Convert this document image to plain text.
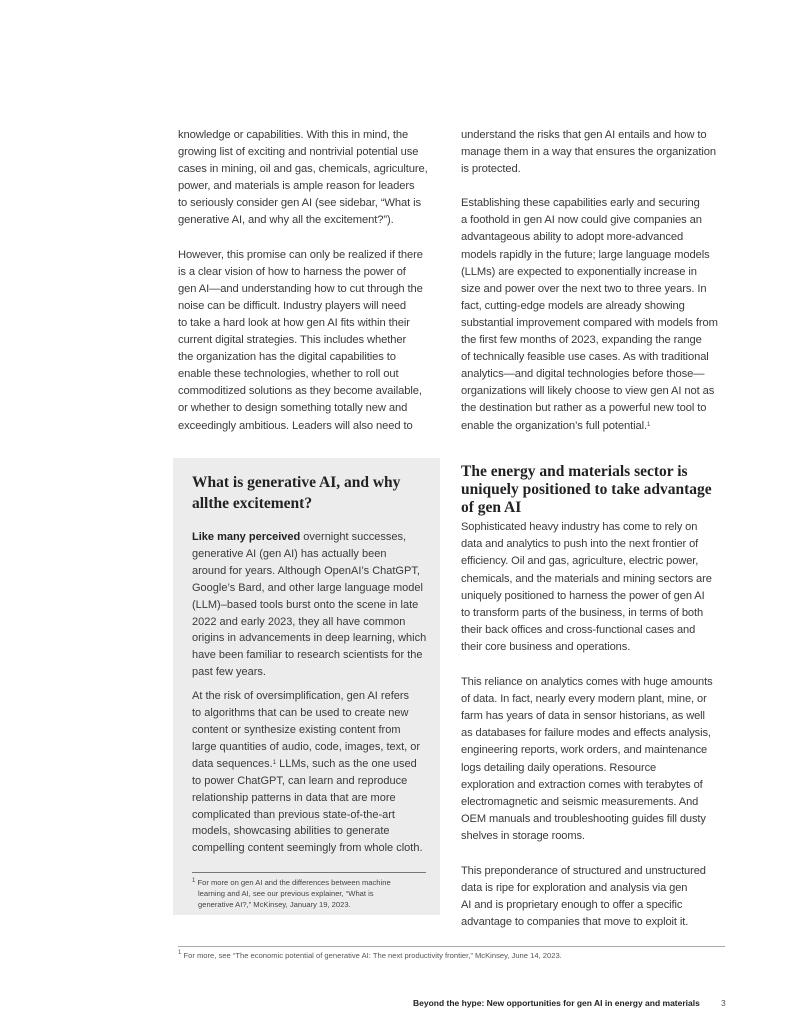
knowledge or capabilities. With this in mind, the
growing list of exciting and nontrivial potential use
cases in mining, oil and gas, chemicals, agriculture,
power, and materials is ample reason for leaders
to seriously consider gen AI (see sidebar, “What is
generative AI, and why all the excitement?”).
However, this promise can only be realized if there
is a clear vision of how to harness the power of
gen AI—and understanding how to cut through the
noise can be difficult. Industry players will need
to take a hard look at how gen AI fits within their
current digital strategies. This includes whether
the organization has the digital capabilities to
enable these technologies, whether to roll out
commoditized solutions as they become available,
or whether to design something totally new and
exceedingly ambitious. Leaders will also need to
understand the risks that gen AI entails and how to
manage them in a way that ensures the organization
is protected.
Establishing these capabilities early and securing
a foothold in gen AI now could give companies an
advantageous ability to adopt more-advanced
models rapidly in the future; large language models
(LLMs) are expected to exponentially increase in
size and power over the next two to three years. In
fact, cutting-edge models are already showing
substantial improvement compared with models from
the first few months of 2023, expanding the range
of technically feasible use cases. As with traditional
analytics—and digital technologies before those—
organizations will likely choose to view gen AI not as
the destination but rather as a powerful new tool to
enable the organization’s full potential.$^1$
What is generative AI, and why allthe excitement?
Like many perceived overnight successes,
generative AI (gen AI) has actually been
around for years. Although OpenAI’s ChatGPT,
Google’s Bard, and other large language model
(LLM)–based tools burst onto the scene in late
2022 and early 2023, they all have common
origins in advancements in deep learning, which
have been familiar to research scientists for the
past few years.
At the risk of oversimplification, gen AI refers
to algorithms that can be used to create new
content or synthesize existing content from
large quantities of audio, code, images, text, or
data sequences.$^1$ LLMs, such as the one used
to power ChatGPT, can learn and reproduce
relationship patterns in data that are more
complicated than previous state-of-the-art
models, showcasing abilities to generate
compelling content seemingly from whole cloth.
$^1$ For more on gen AI and the differences between machine
learning and AI, see our previous explainer, “What is
generative AI?,” McKinsey, January 19, 2023.
The energy and materials sector is
uniquely positioned to take advantage
of gen AI
Sophisticated heavy industry has come to rely on
data and analytics to push into the next frontier of
efficiency. Oil and gas, agriculture, electric power,
chemicals, and the materials and mining sectors are
uniquely positioned to harness the power of gen AI
to transform parts of the business, in terms of both
their back offices and cross-functional cases and
their core business and operations.
This reliance on analytics comes with huge amounts
of data. In fact, nearly every modern plant, mine, or
farm has years of data in sensor historians, as well
as databases for failure modes and effects analysis,
engineering reports, work orders, and maintenance
logs detailing daily operations. Resource
exploration and extraction comes with terabytes of
electromagnetic and seismic measurements. And
OEM manuals and troubleshooting guides fill dusty
shelves in storage rooms.
This preponderance of structured and unstructured
data is ripe for exploration and analysis via gen
AI and is proprietary enough to offer a specific
advantage to companies that move to exploit it.
$^1$ For more, see “The economic potential of generative AI: The next productivity frontier,” McKinsey, June 14, 2023.
Beyond the hype: New opportunities for gen AI in energy and materials 3
